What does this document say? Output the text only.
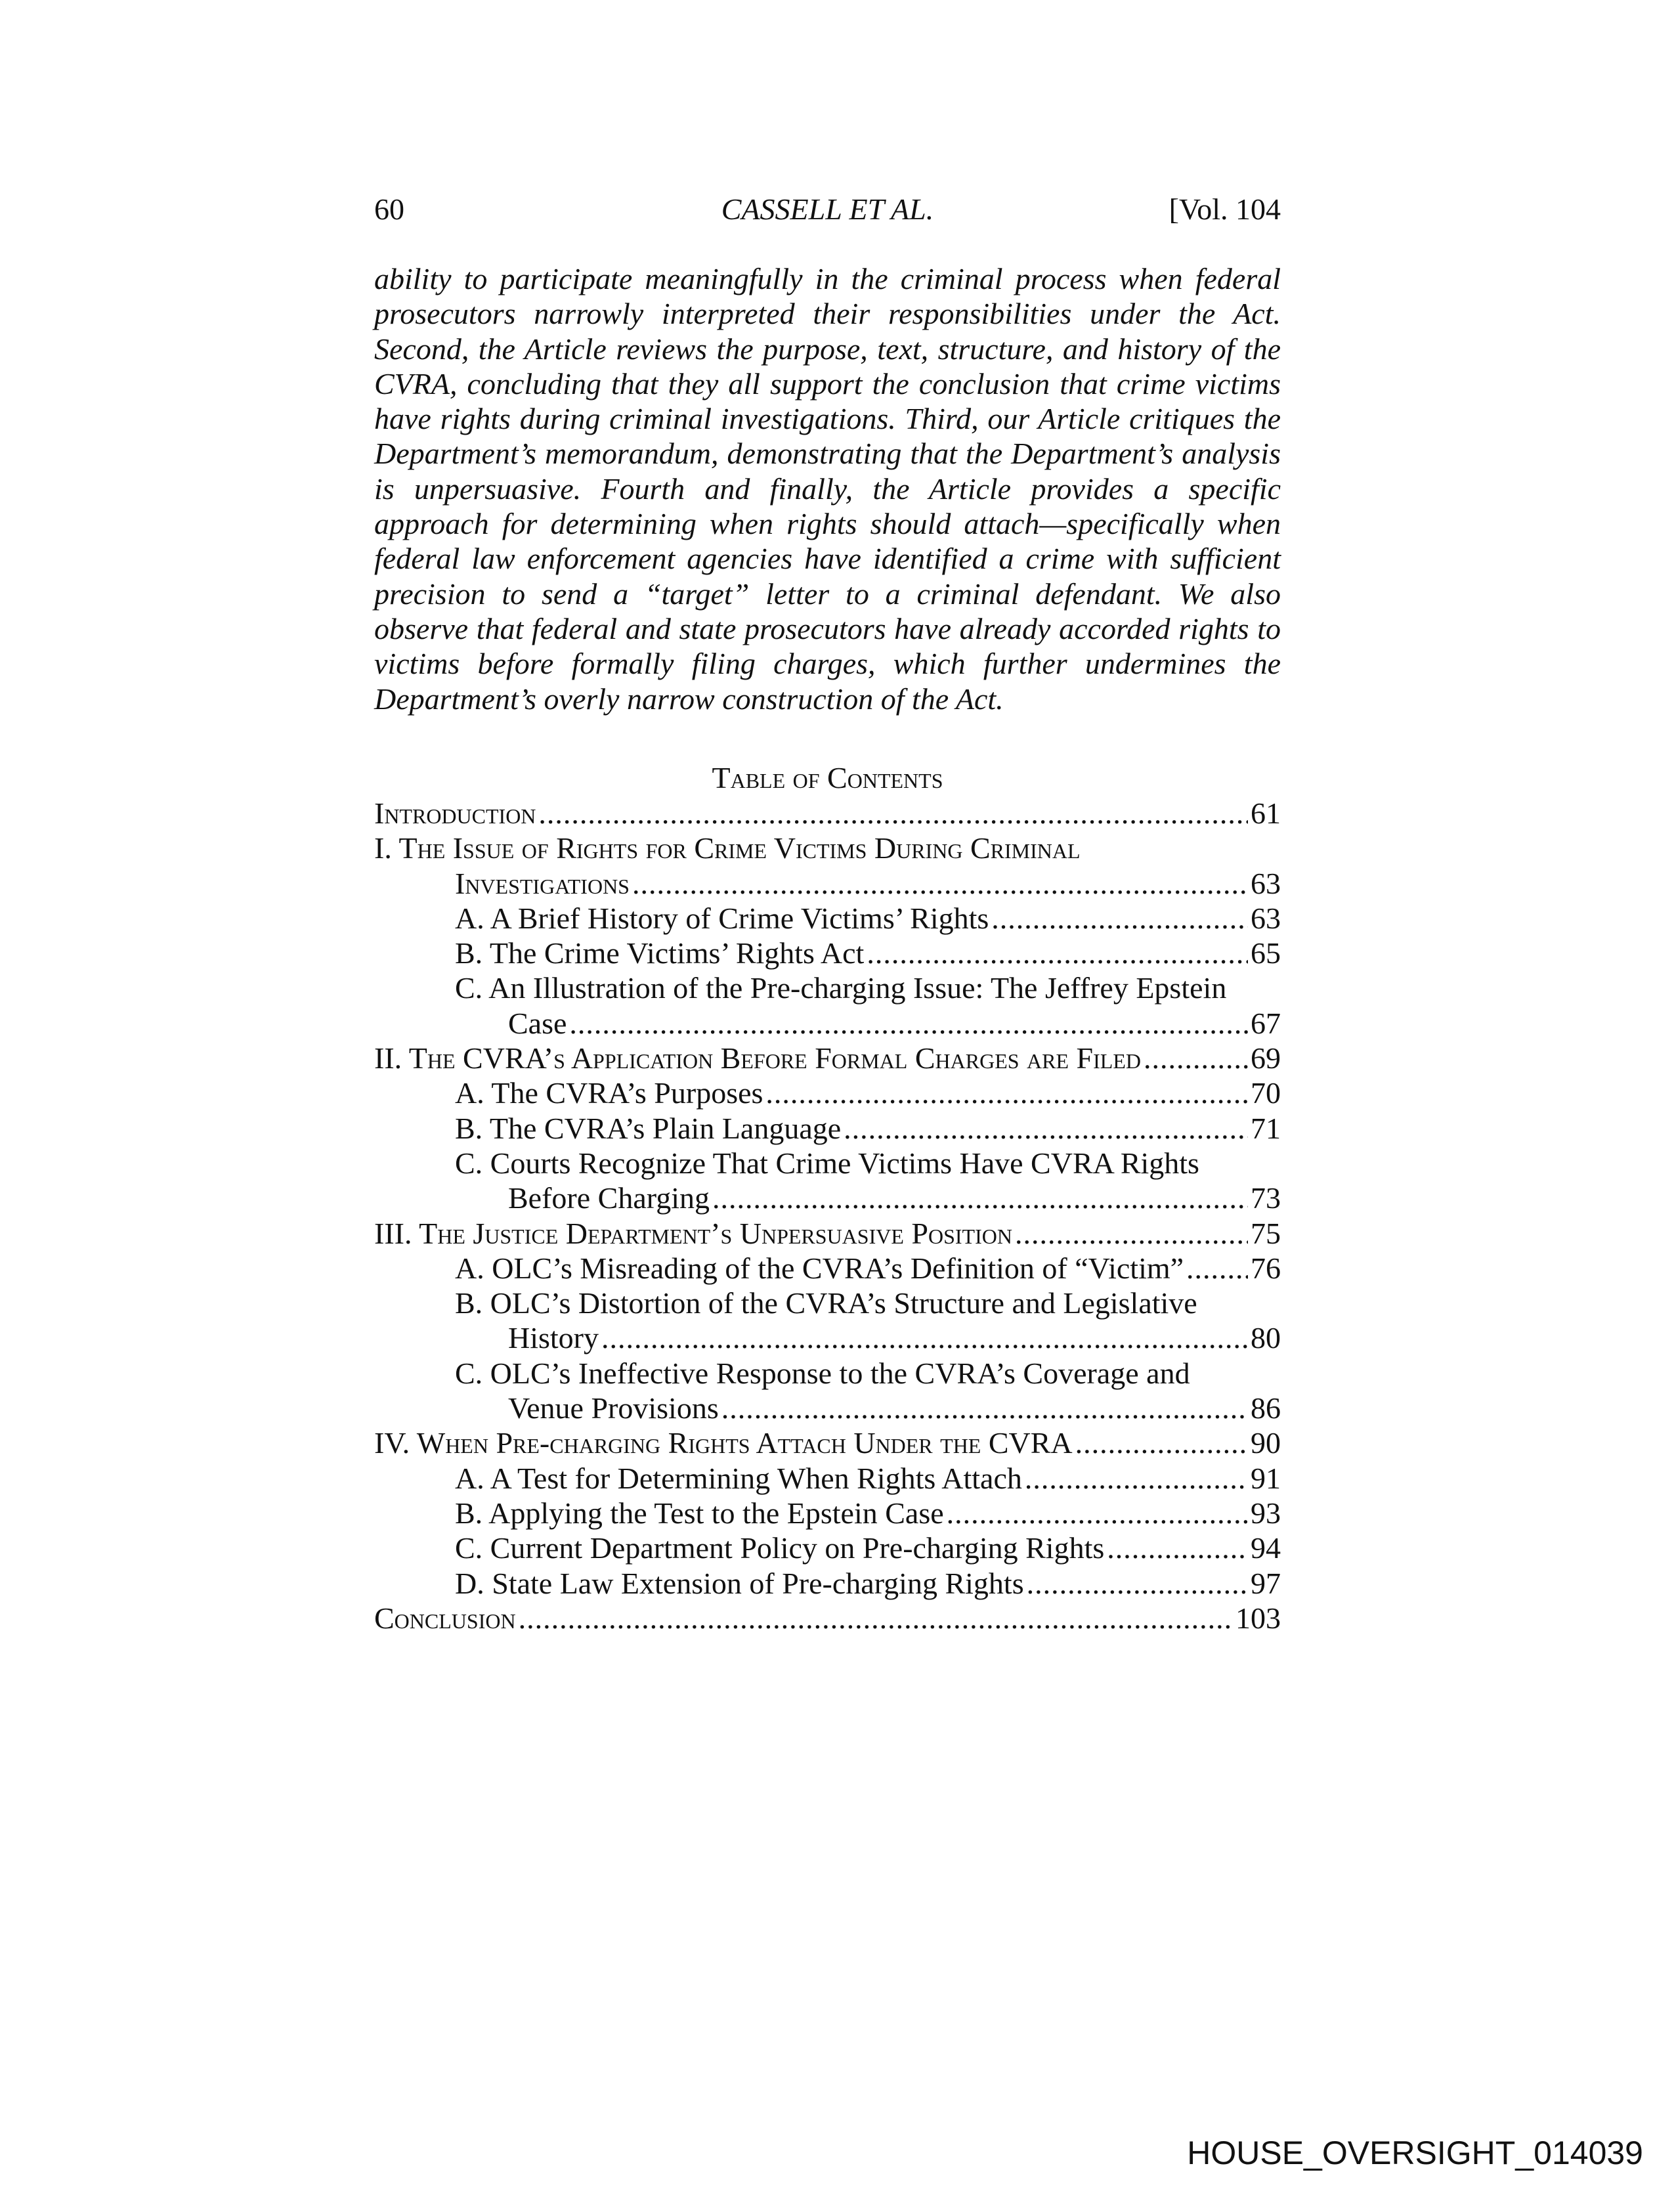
60	CASSELL ET AL.	[Vol. 104
ability to participate meaningfully in the criminal process when federal
prosecutors narrowly interpreted their responsibilities under the Act.
Second, the Article reviews the purpose, text, structure, and history of the
CVRA, concluding that they all support the conclusion that crime victims
have rights during criminal investigations. Third, our Article critiques the
Department’s memorandum, demonstrating that the Department’s analysis
is unpersuasive. Fourth and finally, the Article provides a specific
approach for determining when rights should attach—specifically when
federal law enforcement agencies have identified a crime with sufficient
precision to send a “target” letter to a criminal defendant. We also
observe that federal and state prosecutors have already accorded rights to
victims before formally filing charges, which further undermines the
Department’s overly narrow construction of the Act.
Table of Contents
Introduction .....	61
I. The Issue of Rights for Crime Victims During Criminal
Investigations .....	63
A. A Brief History of Crime Victims’ Rights .....	63
B. The Crime Victims’ Rights Act .....	65
C. An Illustration of the Pre-charging Issue: The Jeffrey Epstein
Case .....	67
II. The CVRA’s Application Before Formal Charges are Filed .....	69
A. The CVRA’s Purposes .....	70
B. The CVRA’s Plain Language .....	71
C. Courts Recognize That Crime Victims Have CVRA Rights
Before Charging .....	73
III. The Justice Department’s Unpersuasive Position .....	75
A. OLC’s Misreading of the CVRA’s Definition of “Victim” ..... 76
B. OLC’s Distortion of the CVRA’s Structure and Legislative
History .....	80
C. OLC’s Ineffective Response to the CVRA’s Coverage and
Venue Provisions .....	86
IV. When Pre-charging Rights Attach Under the CVRA .....	90
A. A Test for Determining When Rights Attach .....	91
B. Applying the Test to the Epstein Case .....	93
C. Current Department Policy on Pre-charging Rights .....	94
D. State Law Extension of Pre-charging Rights .....	97
Conclusion .....	103
HOUSE_OVERSIGHT_014039
